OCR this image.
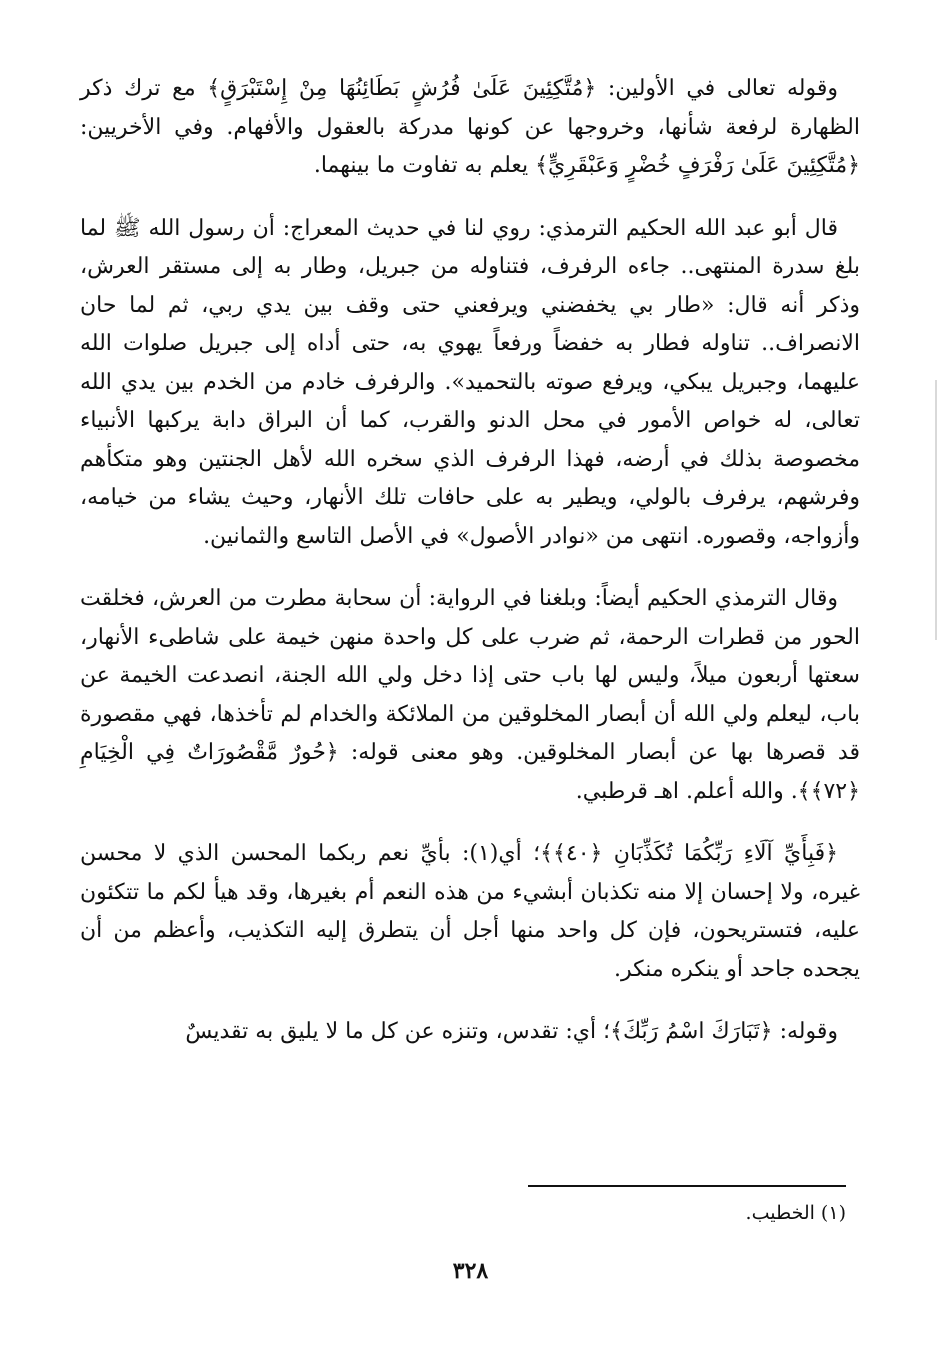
وقوله تعالى في الأولين: ﴿مُتَّكِئِينَ عَلَىٰ فُرُشٍ بَطَائِنُهَا مِنْ إِسْتَبْرَقٍ﴾ مع ترك ذكر الظهارة لرفعة شأنها، وخروجها عن كونها مدركة بالعقول والأفهام. وفي الأخريين: ﴿مُتَّكِئِينَ عَلَىٰ رَفْرَفٍ خُضْرٍ وَعَبْقَرِيٍّ﴾ يعلم به تفاوت ما بينهما.

قال أبو عبد الله الحكيم الترمذي: روي لنا في حديث المعراج: أن رسول الله ﷺ لما بلغ سدرة المنتهى.. جاءه الرفرف، فتناوله من جبريل، وطار به إلى مستقر العرش، وذكر أنه قال: «طار بي يخفضني ويرفعني حتى وقف بين يدي ربي، ثم لما حان الانصراف.. تناوله فطار به خفضاً ورفعاً يهوي به، حتى أداه إلى جبريل صلوات الله عليهما، وجبريل يبكي، ويرفع صوته بالتحميد». والرفرف خادم من الخدم بين يدي الله تعالى، له خواص الأمور في محل الدنو والقرب، كما أن البراق دابة يركبها الأنبياء مخصوصة بذلك في أرضه، فهذا الرفرف الذي سخره الله لأهل الجنتين وهو متكأهم وفرشهم، يرفرف بالولي، ويطير به على حافات تلك الأنهار، وحيث يشاء من خيامه، وأزواجه، وقصوره. انتهى من «نوادر الأصول» في الأصل التاسع والثمانين.

وقال الترمذي الحكيم أيضاً: وبلغنا في الرواية: أن سحابة مطرت من العرش، فخلقت الحور من قطرات الرحمة، ثم ضرب على كل واحدة منهن خيمة على شاطىء الأنهار، سعتها أربعون ميلاً، وليس لها باب حتى إذا دخل ولي الله الجنة، انصدعت الخيمة عن باب، ليعلم ولي الله أن أبصار المخلوقين من الملائكة والخدام لم تأخذها، فهي مقصورة قد قصرها بها عن أبصار المخلوقين. وهو معنى قوله: ﴿حُورٌ مَّقْصُورَاتٌ فِي الْخِيَامِ ﴿٧٢﴾﴾. والله أعلم. اهـ قرطبي.

﴿فَبِأَيِّ آلَاءِ رَبِّكُمَا تُكَذِّبَانِ ﴿٤٠﴾﴾؛ أي(١): بأيِّ نعم ربكما المحسن الذي لا محسن غيره، ولا إحسان إلا منه تكذبان أبشيء من هذه النعم أم بغيرها، وقد هيأ لكم ما تتكئون عليه، فتستريحون، فإن كل واحد منها أجل أن يتطرق إليه التكذيب، وأعظم من أن يجحده جاحد أو ينكره منكر.

وقوله: ﴿تَبَارَكَ اسْمُ رَبِّكَ﴾؛ أي: تقدس، وتنزه عن كل ما لا يليق به تقديسٌ

(١) الخطيب.
٣٢٨
